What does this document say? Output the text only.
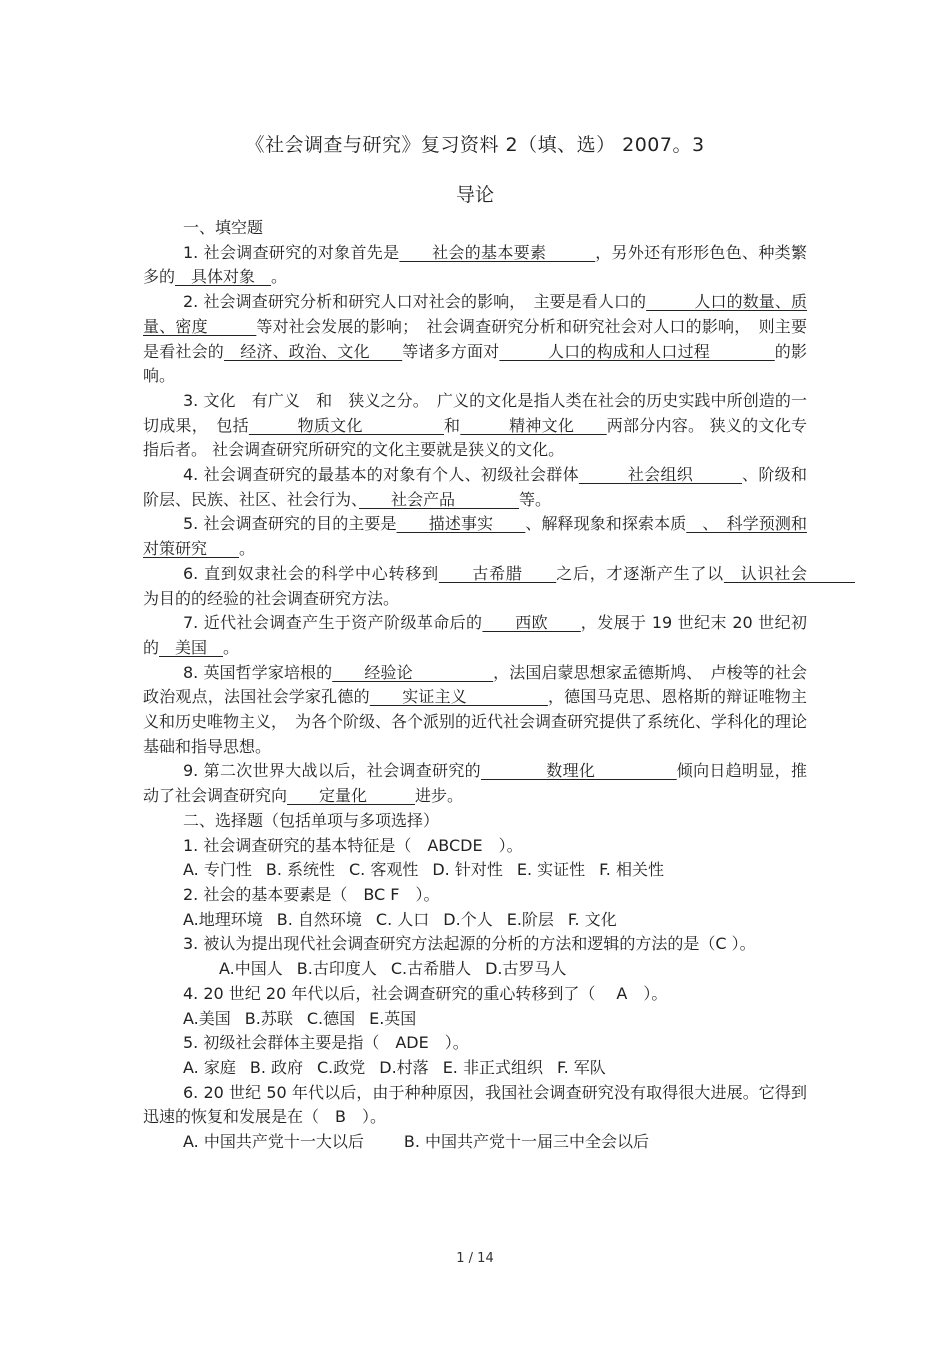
《社会调查与研究》复习资料 2（填、选） 2007。3
导论

一、填空题

1. 社会调查研究的对象首先是　　社会的基本要素　　　，另外还有形形色色、种类繁多的　具体对象　。

2. 社会调查研究分析和研究人口对社会的影响，　主要是看人口的　　　人口的数量、质量、密度　　　等对社会发展的影响；　社会调查研究分析和研究社会对人口的影响，　则主要是看社会的　经济、政治、文化　　等诸多方面对　　　人口的构成和人口过程　　　　的影响。

3. 文化　有广义　和　狭义之分。　广义的文化是指人类在社会的历史实践中所创造的一切成果，　包括　　　物质文化　　　　　和　　　精神文化　　两部分内容。 狭义的文化专指后者。 社会调查研究所研究的文化主要就是狭义的文化。

4. 社会调查研究的最基本的对象有个人、初级社会群体　　　社会组织　　　、阶级和阶层、民族、社区、社会行为、　　社会产品　　　　等。

5. 社会调查研究的目的主要是　　描述事实　　、解释现象和探索本质　、　科学预测和对策研究　　。

6. 直到奴隶社会的科学中心转移到　　古希腊　　之后，才逐渐产生了以　认识社会　　　为目的的经验的社会调查研究方法。

7. 近代社会调查产生于资产阶级革命后的　　西欧　　，发展于 19 世纪末 20 世纪初的　美国　。

8. 英国哲学家培根的　　经验论　　　　　，法国启蒙思想家孟德斯鸠、　卢梭等的社会政治观点，法国社会学家孔德的　　实证主义　　　　　，德国马克思、恩格斯的辩证唯物主义和历史唯物主义，　为各个阶级、各个派别的近代社会调查研究提供了系统化、学科化的理论基础和指导思想。

9. 第二次世界大战以后，社会调查研究的　　　　数理化　　　　　倾向日趋明显，推动了社会调查研究向　　定量化　　　进步。

二、选择题（包括单项与多项选择）

1. 社会调查研究的基本特征是（　ABCDE　）。

A. 专门性 B. 系统性 C. 客观性 D. 针对性 E. 实证性 F. 相关性

2. 社会的基本要素是（　BC F　）。

A.地理环境 B. 自然环境 C. 人口 D.个人 E.阶层 F. 文化

3. 被认为提出现代社会调查研究方法起源的分析的方法和逻辑的方法的是（C ）。

A.中国人 B.古印度人 C.古希腊人 D.古罗马人

4. 20 世纪 20 年代以后，社会调查研究的重心转移到了（　 A　）。

A.美国 B.苏联 C.德国 E.英国

5. 初级社会群体主要是指（　ADE　）。

A. 家庭 B. 政府 C.政党 D.村落 E. 非正式组织 F. 军队

6. 20 世纪 50 年代以后，由于种种原因，我国社会调查研究没有取得很大进展。它得到迅速的恢复和发展是在（　B　）。

A. 中国共产党十一大以后	B. 中国共产党十一届三中全会以后

1 / 14
